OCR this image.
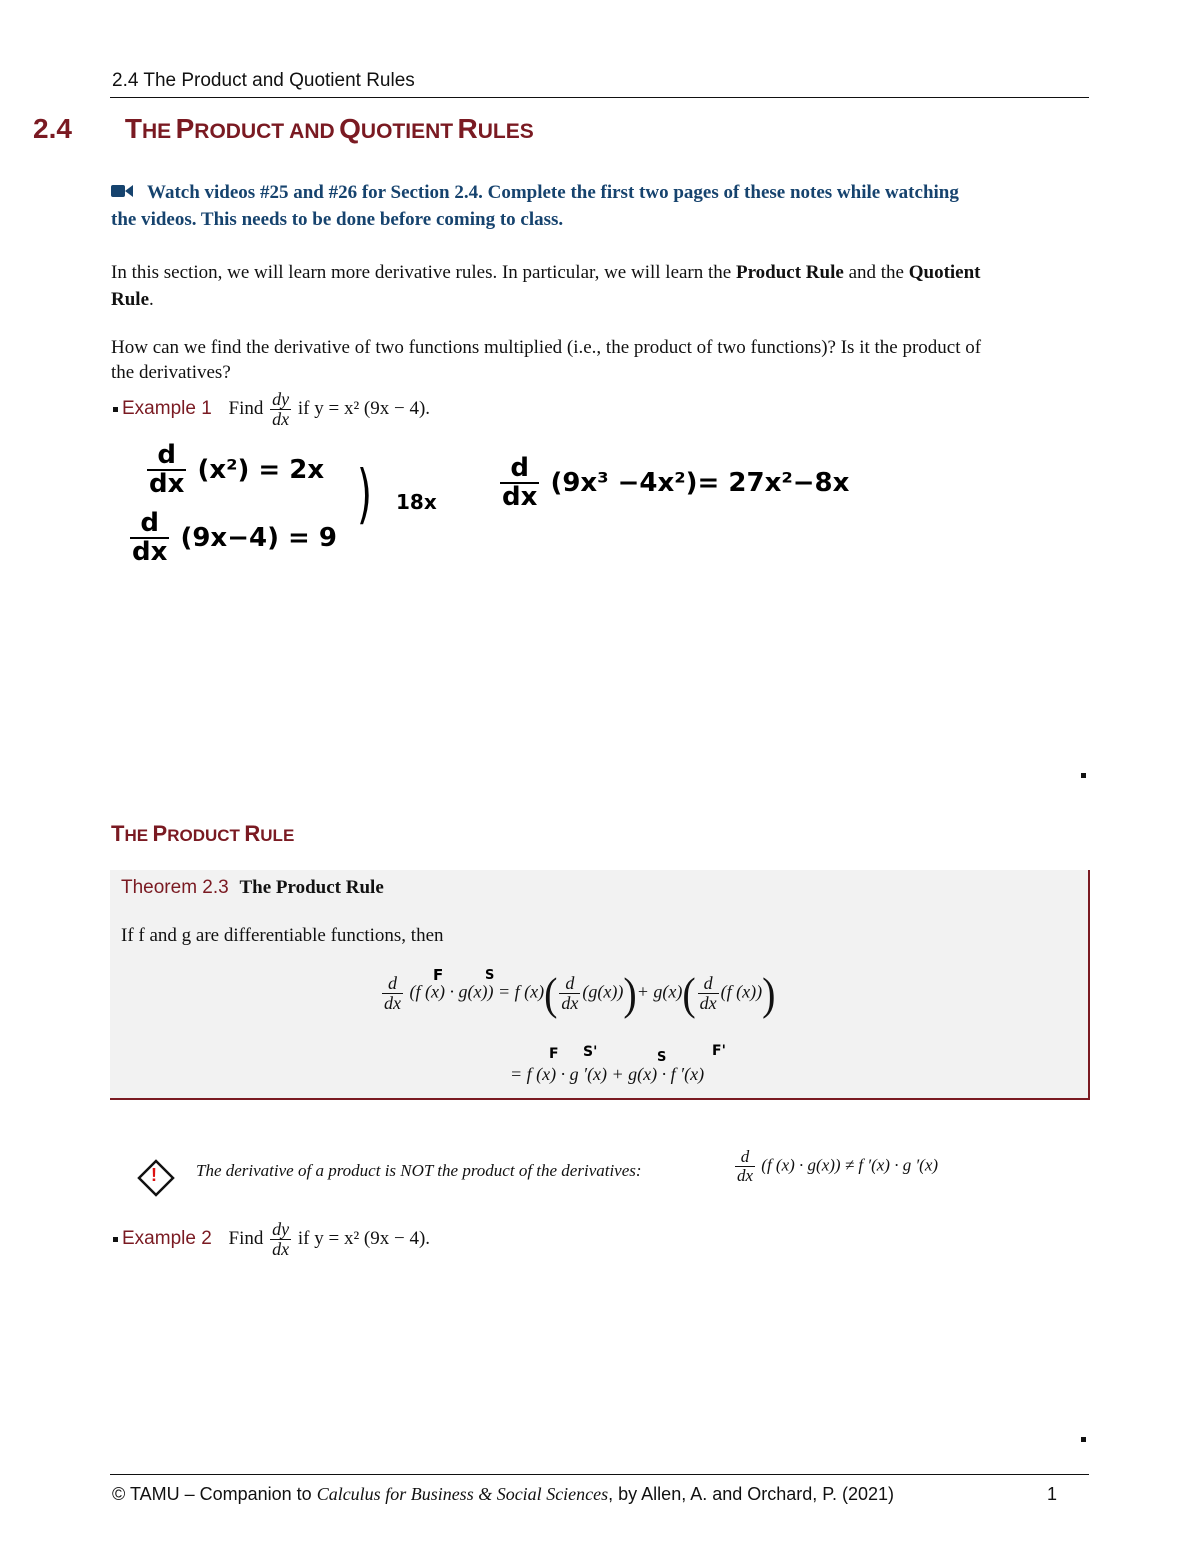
2.4 The Product and Quotient Rules
2.4 THE PRODUCT AND QUOTIENT RULES
Watch videos #25 and #26 for Section 2.4. Complete the first two pages of these notes while watching
the videos. This needs to be done before coming to class.
In this section, we will learn more derivative rules. In particular, we will learn the Product Rule and the Quotient
Rule.
How can we find the derivative of two functions multiplied (i.e., the product of two functions)? Is it the product of
the derivatives?
Example 1 Find $\frac{dy}{dx}$ if y = x² (9x − 4).
$\frac{d}{dx} (x^2) = 2x$
$\frac{d}{dx} (9x-4) = 9$
) $18x \frac{d}{dx} (9x^3 -4x^2)= 27x^2-8x$
THE PRODUCT RULE
Theorem 2.3 The Product Rule
If f and g are differentiable functions, then
F	S
$\frac{d}{dx} (f$ (x) · g(x)) = f $(x)( \frac{d}{dx} (g(x)))+ g(x)( \frac{d}{dx} (f$ (x)))
F S'	S	F'
= f (x) · g ′(x) + g(x) · f ′(x)
! The derivative of a product is NOT the product of the derivatives:	$\frac{d}{dx} (f$ (x) · g(x)) ≠ f ′(x) · g ′(x)
Example 2 Find $\frac{dy}{dx}$ if y = x² (9x − 4).
© TAMU – Companion to Calculus for Business & Social Sciences, by Allen, A. and Orchard, P. (2021)	1
